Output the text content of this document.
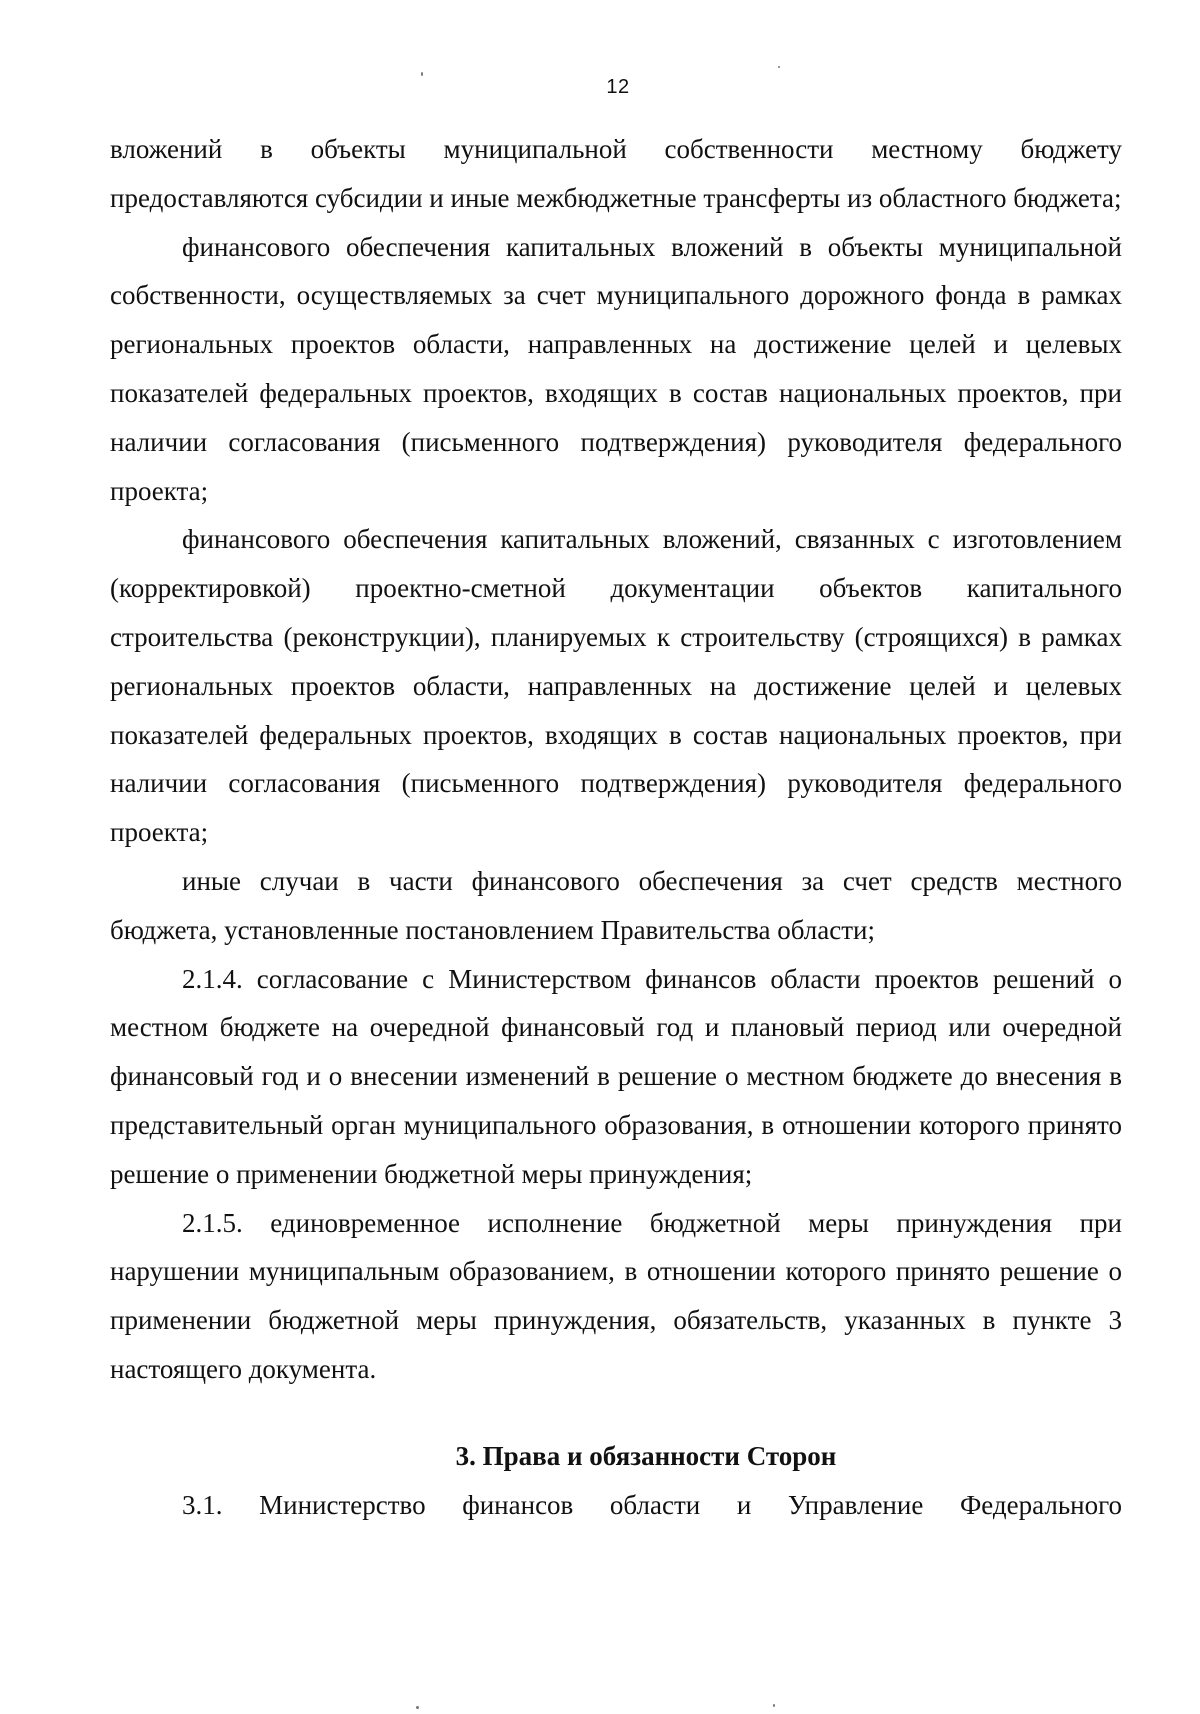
12

вложений в объекты муниципальной собственности местному бюджету предоставляются субсидии и иные межбюджетные трансферты из областного бюджета;

финансового обеспечения капитальных вложений в объекты муниципальной собственности, осуществляемых за счет муниципального дорожного фонда в рамках региональных проектов области, направленных на достижение целей и целевых показателей федеральных проектов, входящих в состав национальных проектов, при наличии согласования (письменного подтверждения) руководителя федерального проекта;

финансового обеспечения капитальных вложений, связанных с изготовлением (корректировкой) проектно-сметной документации объектов капитального строительства (реконструкции), планируемых к строительству (строящихся) в рамках региональных проектов области, направленных на достижение целей и целевых показателей федеральных проектов, входящих в состав национальных проектов, при наличии согласования (письменного подтверждения) руководителя федерального проекта;

иные случаи в части финансового обеспечения за счет средств местного бюджета, установленные постановлением Правительства области;

2.1.4. согласование с Министерством финансов области проектов решений о местном бюджете на очередной финансовый год и плановый период или очередной финансовый год и о внесении изменений в решение о местном бюджете до внесения в представительный орган муниципального образования, в отношении которого принято решение о применении бюджетной меры принуждения;

2.1.5. единовременное исполнение бюджетной меры принуждения при нарушении муниципальным образованием, в отношении которого принято решение о применении бюджетной меры принуждения, обязательств, указанных в пункте 3 настоящего документа.

3. Права и обязанности Сторон

3.1. Министерство финансов области и Управление Федерального
